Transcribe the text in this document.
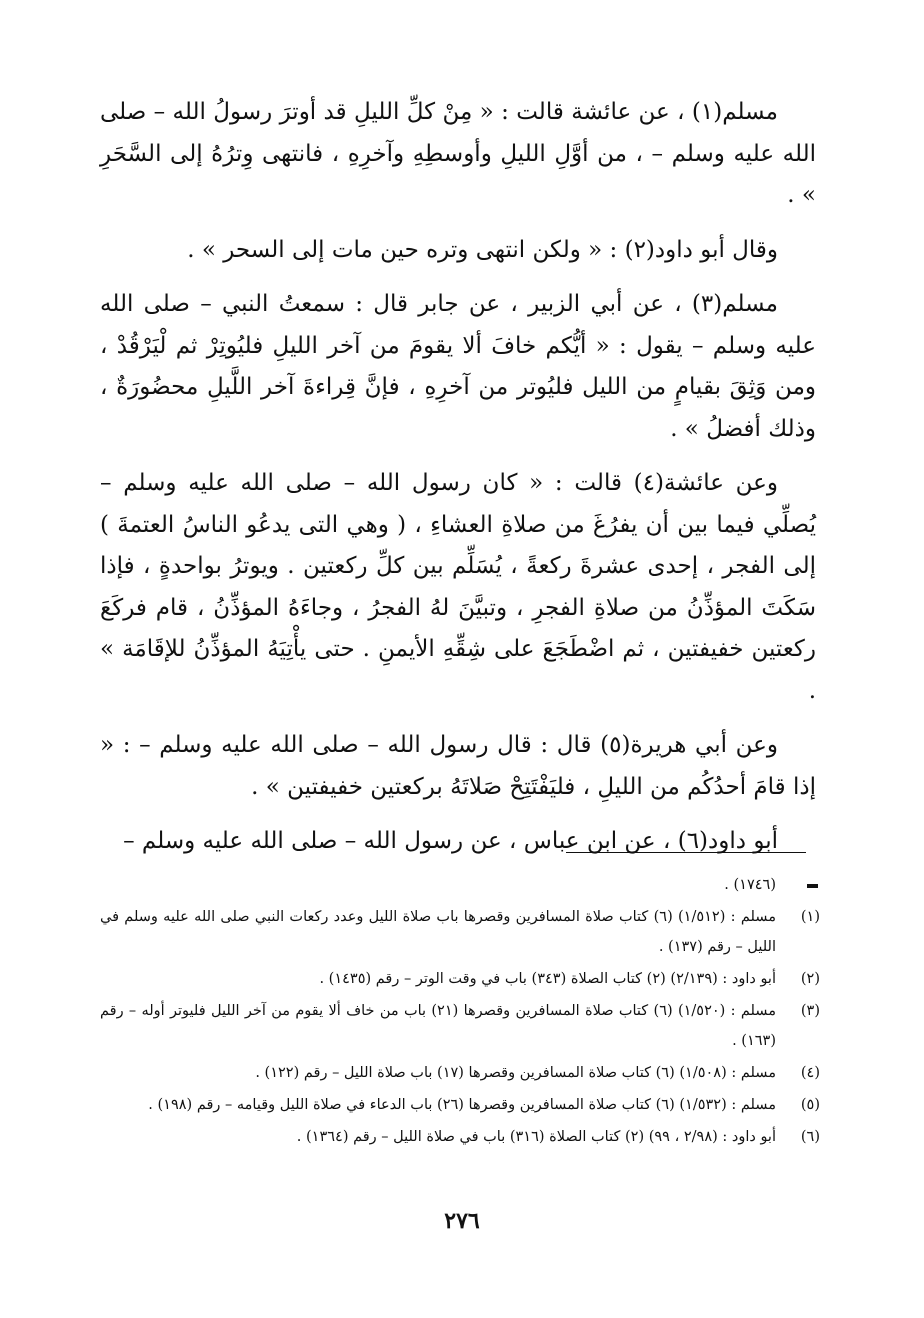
مسلم(١) ، عن عائشة قالت : « مِنْ كلِّ الليلِ قد أوترَ رسولُ الله – صلى الله عليه وسلم – ، من أوَّلِ الليلِ وأوسطِهِ وآخرِهِ ، فانتهى وِترُهُ إلى السَّحَرِ » .

وقال أبو داود(٢) : « ولكن انتهى وتره حين مات إلى السحر » .

مسلم(٣) ، عن أبي الزبير ، عن جابر قال : سمعتُ النبي – صلى الله عليه وسلم – يقول : « أيُّكم خافَ ألا يقومَ من آخر الليلِ فليُوتِرْ ثم لْيَرْقُدْ ، ومن وَثِقَ بقيامٍ من الليل فليُوتر من آخرِهِ ، فإنَّ قِراءةَ آخر اللَّيلِ محضُورَةٌ ، وذلك أفضلُ » .

وعن عائشة(٤) قالت : « كان رسول الله – صلى الله عليه وسلم – يُصلِّي فيما بين أن يفرُغَ من صلاةِ العشاءِ ، ( وهي التى يدعُو الناسُ العتمةَ ) إلى الفجر ، إحدى عشرةَ ركعةً ، يُسَلِّم بين كلِّ ركعتين . ويوترُ بواحدةٍ ، فإذا سَكَتَ المؤذِّنُ من صلاةِ الفجرِ ، وتبيَّنَ لهُ الفجرُ ، وجاءَهُ المؤذِّنُ ، قام فركَعَ ركعتين خفيفتين ، ثم اضْطَجَعَ على شِقِّهِ الأيمنِ . حتى يأْتِيَهُ المؤذِّنُ للإقَامَة » .

وعن أبي هريرة(٥) قال : قال رسول الله – صلى الله عليه وسلم – : « إذا قامَ أحدُكُم من الليلِ ، فليَفْتَتِحْ صَلاتَهُ بركعتين خفيفتين » .

أبو داود(٦) ، عن ابن عباس ، عن رسول الله – صلى الله عليه وسلم –

(١٧٤٦) .
(١)
مسلم : (١/٥١٢) (٦) كتاب صلاة المسافرين وقصرها باب صلاة الليل وعدد ركعات النبي صلى الله عليه وسلم في الليل – رقم (١٣٧) .
(٢)
أبو داود : (٢/١٣٩) (٢) كتاب الصلاة (٣٤٣) باب في وقت الوتر – رقم (١٤٣٥) .
(٣)
مسلم : (١/٥٢٠) (٦) كتاب صلاة المسافرين وقصرها (٢١) باب من خاف ألا يقوم من آخر الليل فليوتر أوله – رقم (١٦٣) .
(٤)
مسلم : (١/٥٠٨) (٦) كتاب صلاة المسافرين وقصرها (١٧) باب صلاة الليل – رقم (١٢٢) .
(٥)
مسلم : (١/٥٣٢) (٦) كتاب صلاة المسافرين وقصرها (٢٦) باب الدعاء في صلاة الليل وقيامه – رقم (١٩٨) .
(٦)
أبو داود : (٢/٩٨ ، ٩٩) (٢) كتاب الصلاة (٣١٦) باب في صلاة الليل – رقم (١٣٦٤) .
٢٧٦
